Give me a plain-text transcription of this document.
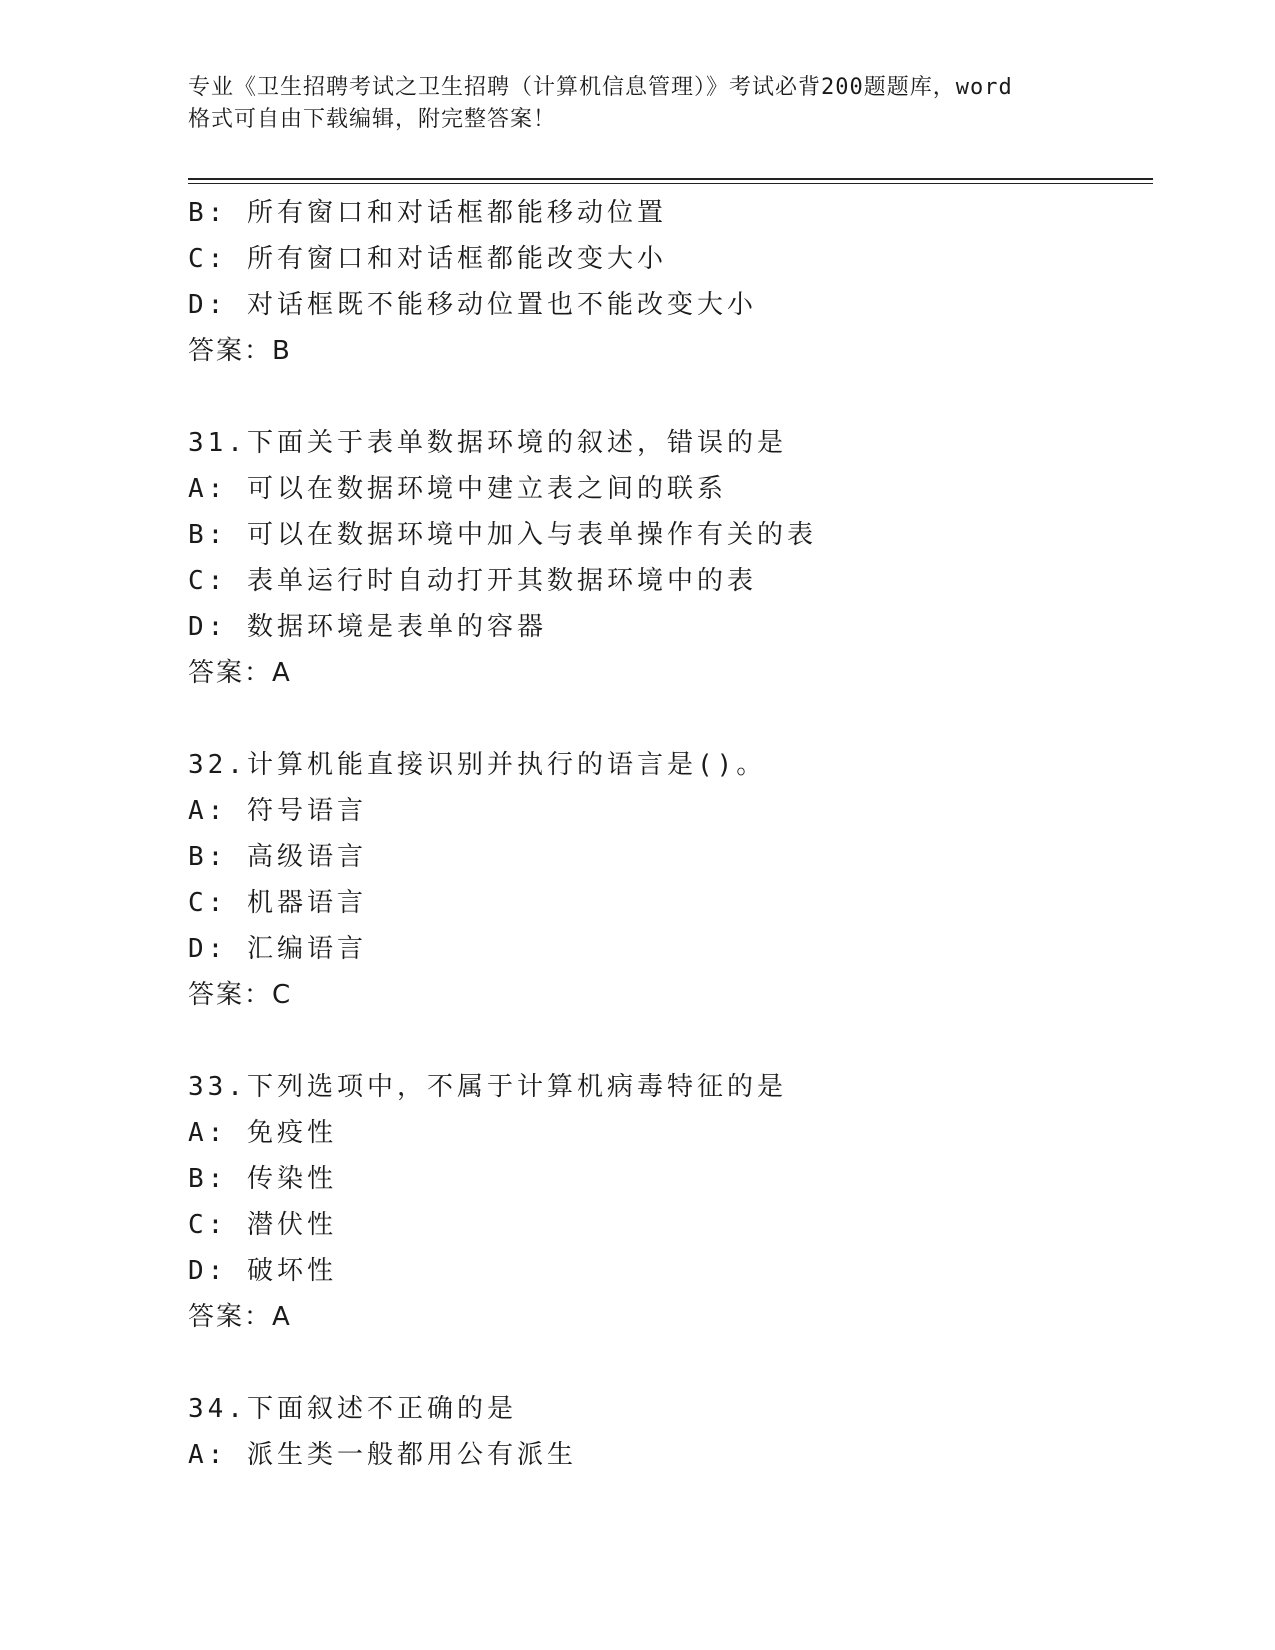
专业《卫生招聘考试之卫生招聘（计算机信息管理）》考试必背200题题库，word
格式可自由下载编辑，附完整答案！
B: 所有窗口和对话框都能移动位置
C: 所有窗口和对话框都能改变大小
D: 对话框既不能移动位置也不能改变大小
答案：B
31.下面关于表单数据环境的叙述，错误的是
A: 可以在数据环境中建立表之间的联系
B: 可以在数据环境中加入与表单操作有关的表
C: 表单运行时自动打开其数据环境中的表
D: 数据环境是表单的容器
答案：A
32.计算机能直接识别并执行的语言是()。
A: 符号语言
B: 高级语言
C: 机器语言
D: 汇编语言
答案：C
33.下列选项中，不属于计算机病毒特征的是
A: 免疫性
B: 传染性
C: 潜伏性
D: 破坏性
答案：A
34.下面叙述不正确的是
A: 派生类一般都用公有派生
